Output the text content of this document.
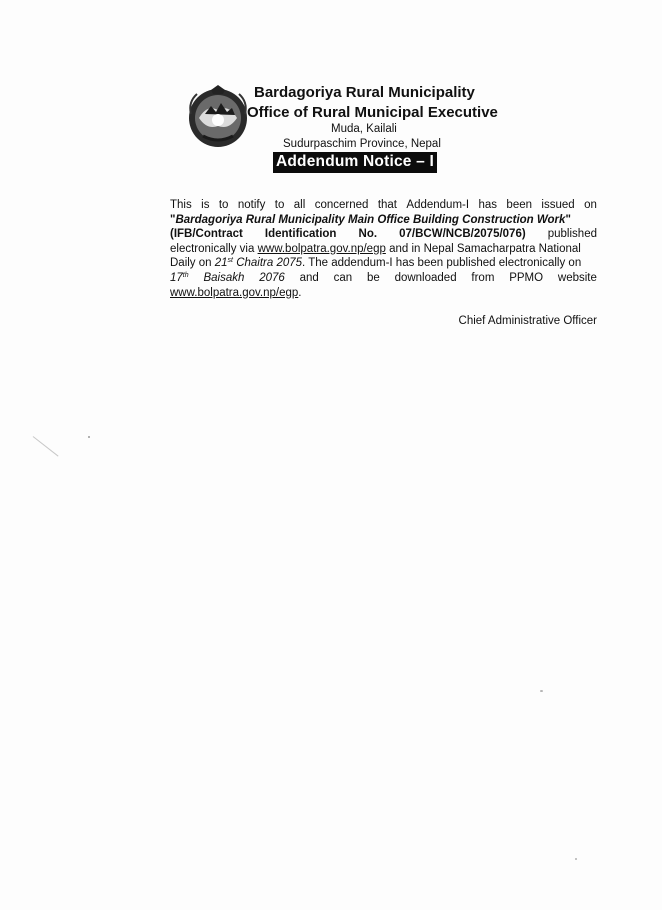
Bardagoriya Rural Municipality
Office of Rural Municipal Executive
Muda, Kailali
Sudurpaschim Province, Nepal
Addendum Notice – I
This is to notify to all concerned that Addendum-I has been issued on
" Bardagoriya Rural Municipality Main Office Building Construction Work "
(IFB/Contract Identification No. 07/BCW/NCB/2075/076) published
electronically via www.bolpatra.gov.np/egp and in Nepal Samacharpatra National
Daily on 21st Chaitra 2075 . The addendum-I has been published electronically on
17th Baisakh 2076 and can be downloaded from PPMO website
www.bolpatra.gov.np/egp .
Chief Administrative Officer
